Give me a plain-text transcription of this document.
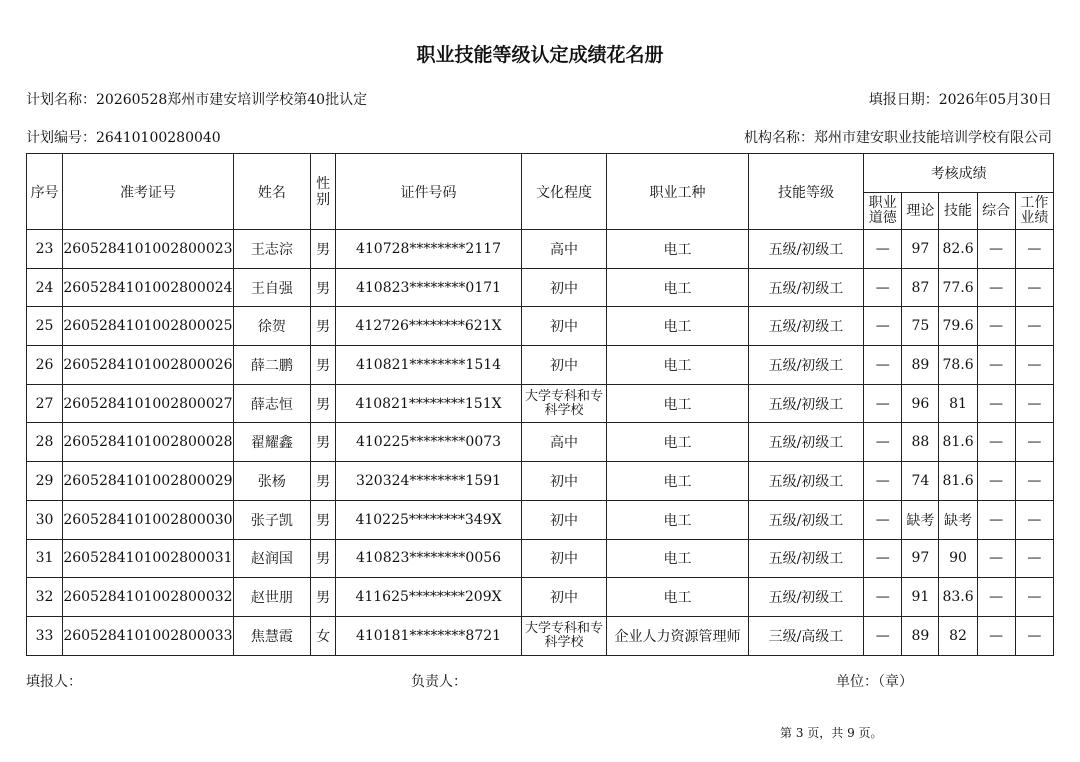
职业技能等级认定成绩花名册
计划名称：20260528郑州市建安培训学校第40批认定	填报日期：2026年05月30日
计划编号：26410100280040	机构名称：郑州市建安职业技能培训学校有限公司
序号	准考证号	姓名	性别	证件号码	文化程度	职业工种	技能等级	考核成绩				
								职业道德	理论	技能	综合	工作业绩
23	2605284101002800023	王志淙	男	410728********2117	高中	电工	五级/初级工	—	97	82.6	—	—
24	2605284101002800024	王自强	男	410823********0171	初中	电工	五级/初级工	—	87	77.6	—	—
25	2605284101002800025	徐贺	男	412726********621X	初中	电工	五级/初级工	—	75	79.6	—	—
26	2605284101002800026	薛二鹏	男	410821********1514	初中	电工	五级/初级工	—	89	78.6	—	—
27	2605284101002800027	薛志恒	男	410821********151X	大学专科和专科学校	电工	五级/初级工	—	96	81	—	—
28	2605284101002800028	翟耀鑫	男	410225********0073	高中	电工	五级/初级工	—	88	81.6	—	—
29	2605284101002800029	张杨	男	320324********1591	初中	电工	五级/初级工	—	74	81.6	—	—
30	2605284101002800030	张子凯	男	410225********349X	初中	电工	五级/初级工	—	缺考	缺考	—	—
31	2605284101002800031	赵润国	男	410823********0056	初中	电工	五级/初级工	—	97	90	—	—
32	2605284101002800032	赵世朋	男	411625********209X	初中	电工	五级/初级工	—	91	83.6	—	—
33	2605284101002800033	焦慧霞	女	410181********8721	大学专科和专科学校	企业人力资源管理师	三级/高级工	—	89	82	—	—
填报人：	负责人：	单位：（章）
第 3 页，共 9 页。
